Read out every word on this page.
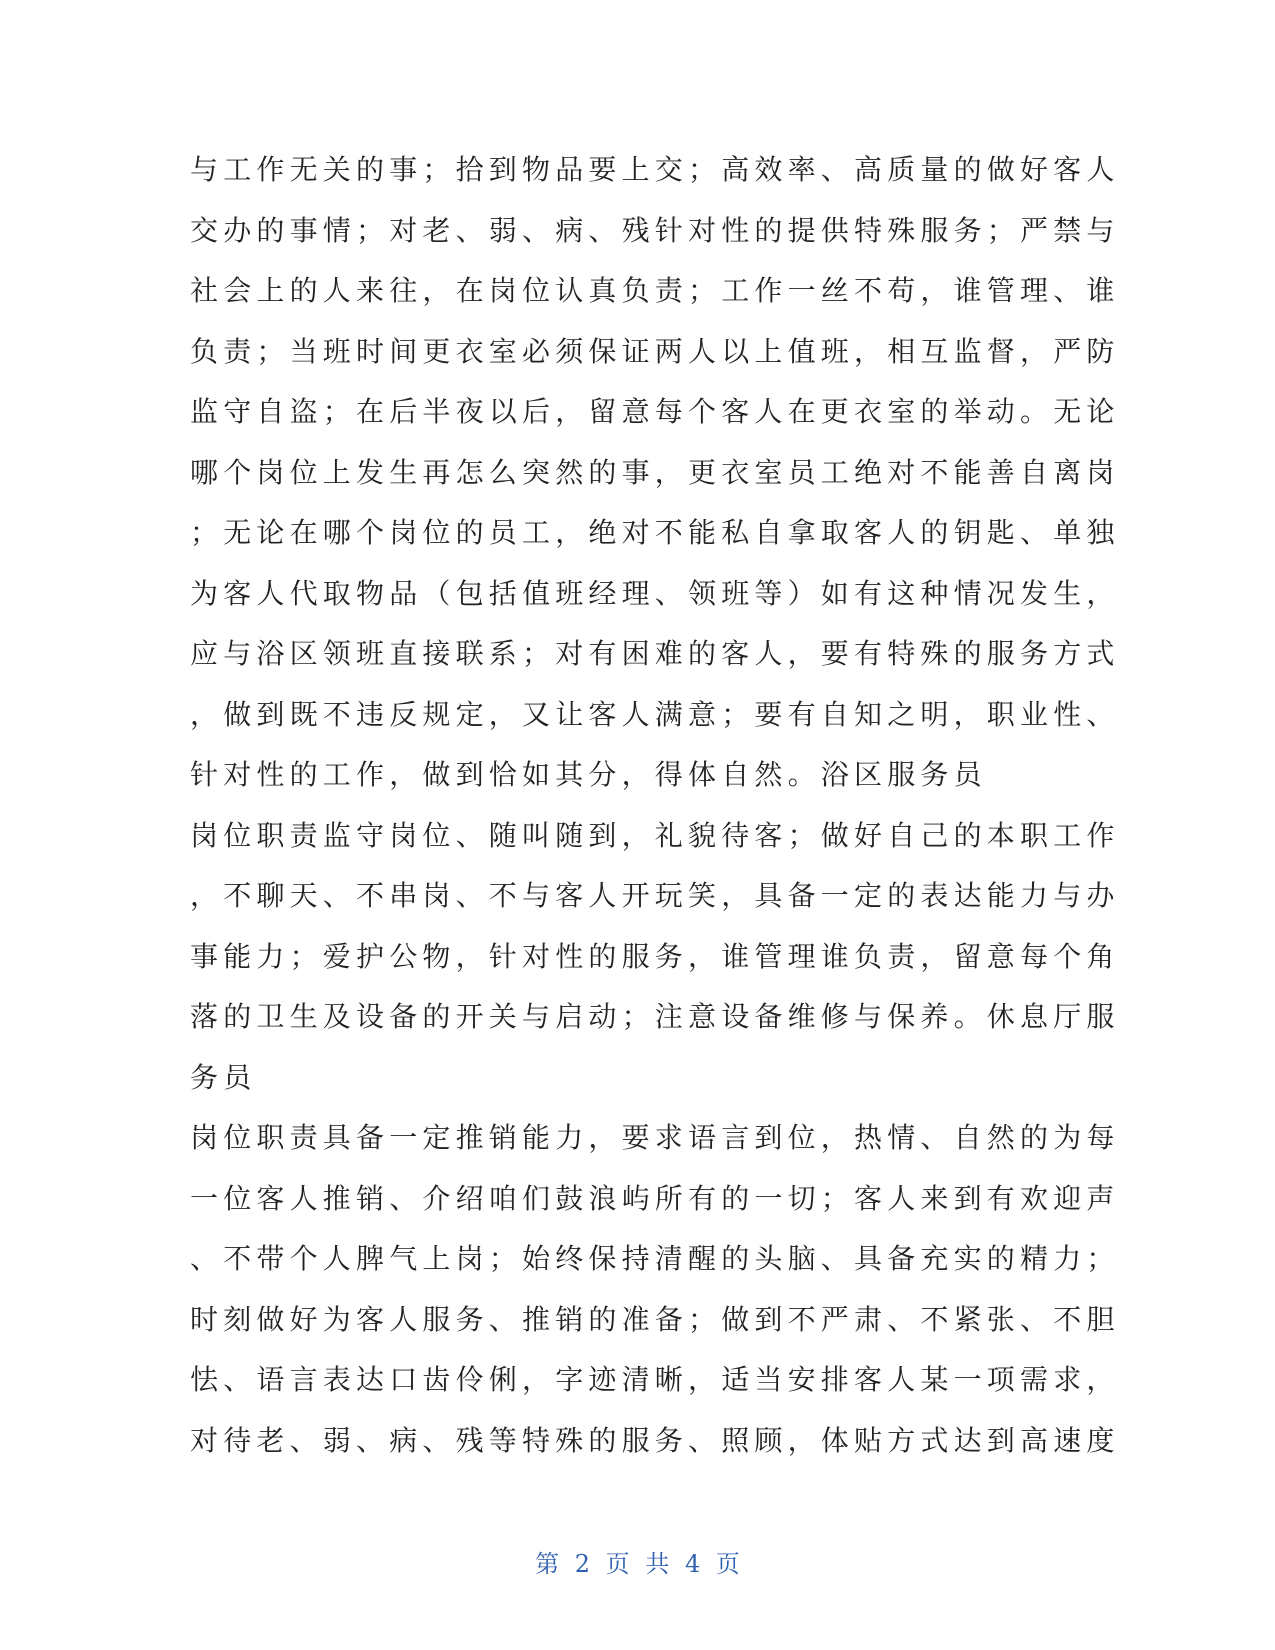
与工作无关的事；拾到物品要上交；高效率、高质量的做好客人
交办的事情；对老、弱、病、残针对性的提供特殊服务；严禁与
社会上的人来往，在岗位认真负责；工作一丝不苟，谁管理、谁
负责；当班时间更衣室必须保证两人以上值班，相互监督，严防
监守自盗；在后半夜以后，留意每个客人在更衣室的举动。无论
哪个岗位上发生再怎么突然的事，更衣室员工绝对不能善自离岗
；无论在哪个岗位的员工，绝对不能私自拿取客人的钥匙、单独
为客人代取物品（包括值班经理、领班等）如有这种情况发生，
应与浴区领班直接联系；对有困难的客人，要有特殊的服务方式
，做到既不违反规定，又让客人满意；要有自知之明，职业性、
针对性的工作，做到恰如其分，得体自然。浴区服务员
岗位职责监守岗位、随叫随到，礼貌待客；做好自己的本职工作
，不聊天、不串岗、不与客人开玩笑，具备一定的表达能力与办
事能力；爱护公物，针对性的服务，谁管理谁负责，留意每个角
落的卫生及设备的开关与启动；注意设备维修与保养。休息厅服
务员
岗位职责具备一定推销能力，要求语言到位，热情、自然的为每
一位客人推销、介绍咱们鼓浪屿所有的一切；客人来到有欢迎声
、不带个人脾气上岗；始终保持清醒的头脑、具备充实的精力；
时刻做好为客人服务、推销的准备；做到不严肃、不紧张、不胆
怯、语言表达口齿伶俐，字迹清晰，适当安排客人某一项需求，
对待老、弱、病、残等特殊的服务、照顾，体贴方式达到高速度
第 2 页 共 4 页
